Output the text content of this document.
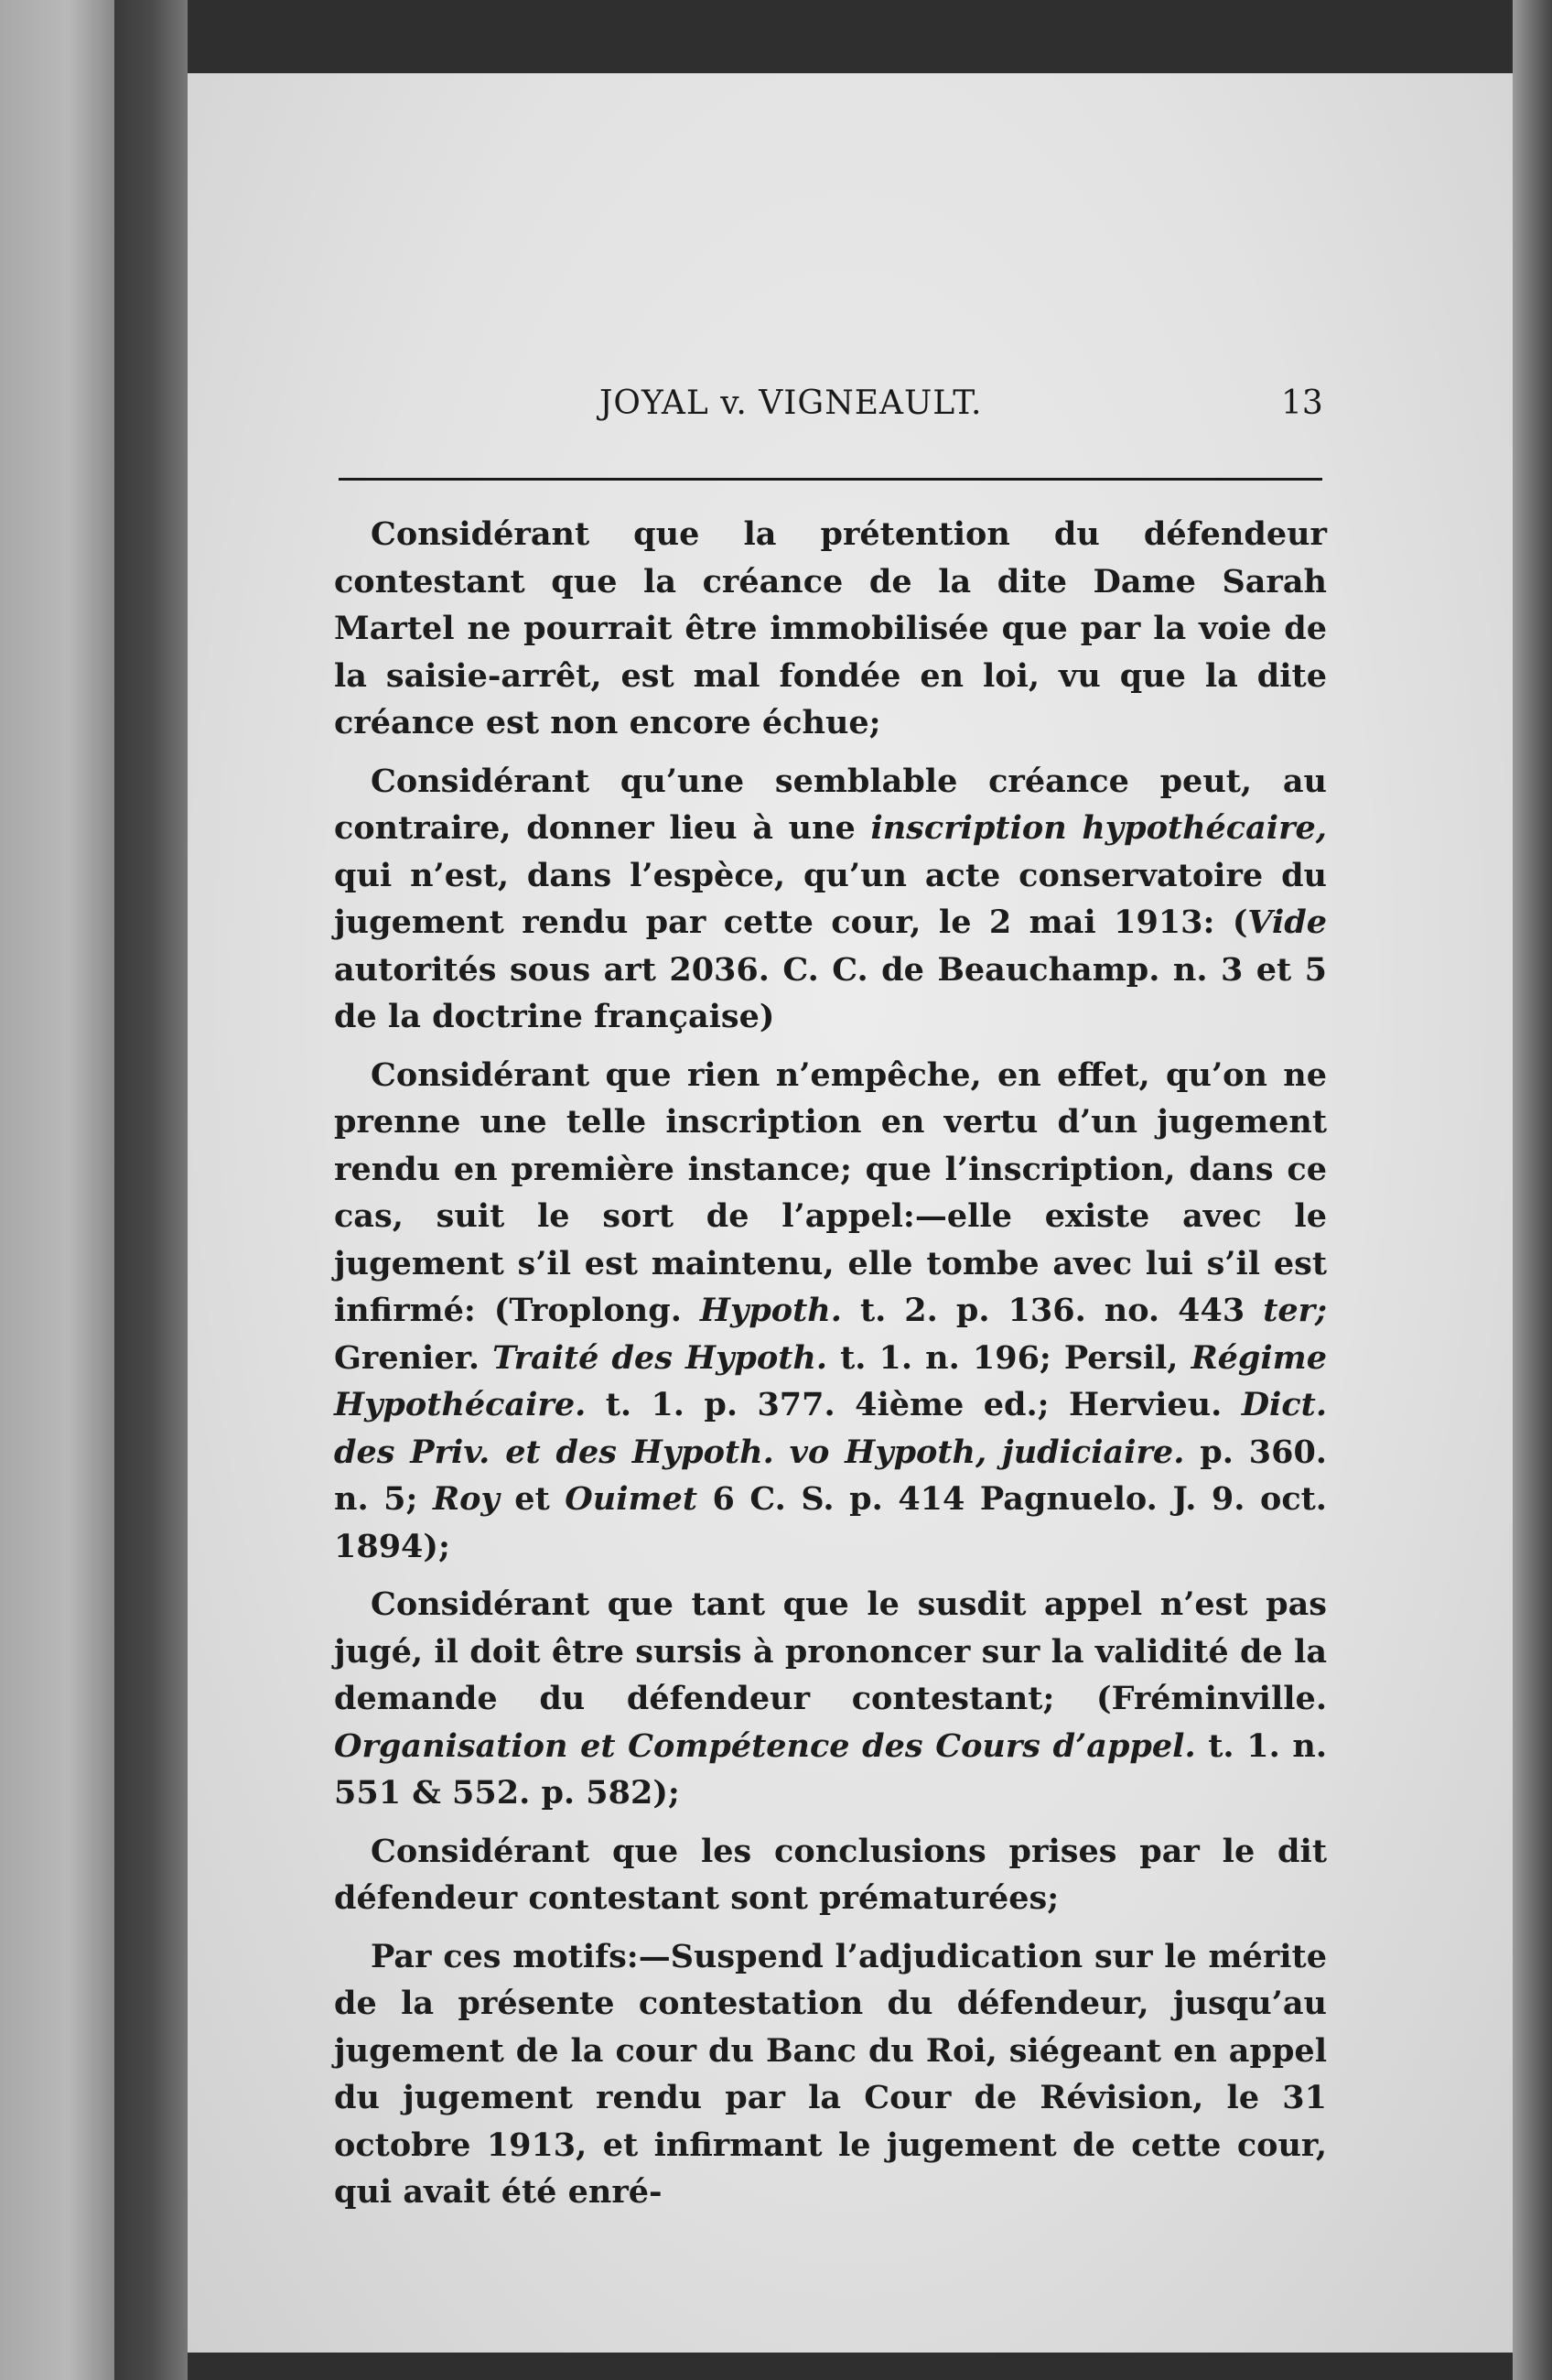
JOYAL v. VIGNEAULT.	13

Considérant que la prétention du défendeur contestant que la créance de la dite Dame Sarah Martel ne pourrait être immobilisée que par la voie de la saisie-arrêt, est mal fondée en loi, vu que la dite créance est non encore échue;

Considérant qu’une semblable créance peut, au contraire, donner lieu à une inscription hypothécaire, qui n’est, dans l’espèce, qu’un acte conservatoire du jugement rendu par cette cour, le 2 mai 1913: (Vide autorités sous art 2036. C. C. de Beauchamp. n. 3 et 5 de la doctrine française)

Considérant que rien n’empêche, en effet, qu’on ne prenne une telle inscription en vertu d’un jugement rendu en première instance; que l’inscription, dans ce cas, suit le sort de l’appel:—elle existe avec le jugement s’il est maintenu, elle tombe avec lui s’il est infirmé: (Troplong. Hypoth. t. 2. p. 136. no. 443 ter; Grenier. Traité des Hypoth. t. 1. n. 196; Persil, Régime Hypothécaire. t. 1. p. 377. 4ième ed.; Hervieu. Dict. des Priv. et des Hypoth. vo Hypoth, judiciaire. p. 360. n. 5; Roy et Ouimet 6 C. S. p. 414 Pagnuelo. J. 9. oct. 1894);

Considérant que tant que le susdit appel n’est pas jugé, il doit être sursis à prononcer sur la validité de la demande du défendeur contestant; (Fréminville. Organisation et Compétence des Cours d’appel. t. 1. n. 551 & 552. p. 582);

Considérant que les conclusions prises par le dit défendeur contestant sont prématurées;

Par ces motifs:—Suspend l’adjudication sur le mérite de la présente contestation du défendeur, jusqu’au jugement de la cour du Banc du Roi, siégeant en appel du jugement rendu par la Cour de Révision, le 31 octobre 1913, et infirmant le jugement de cette cour, qui avait été enré-
